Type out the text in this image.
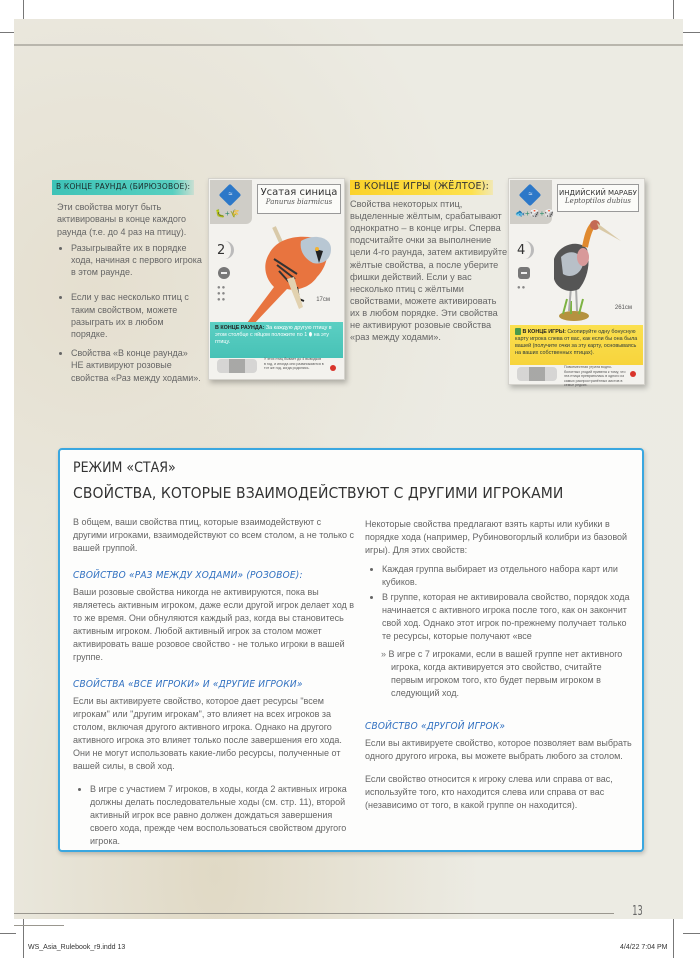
В КОНЦЕ РАУНДА (БИРЮЗОВОЕ):

Эти свойства могут быть активированы в конце каждого раунда (т.е. до 4 раз на птицу).

• Разыгрывайте их в порядке хода, начиная с первого игрока в этом раунде.
• Если у вас несколько птиц с таким свойством, можете разыграть их в любом порядке.
• Свойства «В конце раунда» НЕ активируют розовые свойства «Раз между ходами».
≈
🐛+🌾
Усатая синица
Panurus biarmicus
2
●●
●●
●●	17см
В КОНЦЕ РАУНДА: За каждую другую птицу в этом столбце с яйцом положите по 1 ⬮ на эту птицу.
У этих птиц бывает до 4 выводков в год, и иногда они размножаются в тот же год, когда родились.
В КОНЦЕ ИГРЫ (ЖЁЛТОЕ):

Свойства некоторых птиц, выделенные жёлтым, срабатывают однократно – в конце игры. Сперва подсчитайте очки за выполнение цели 4-го раунда, затем активируйте жёлтые свойства, а после уберите фишки действий. Если у вас несколько птиц с жёлтыми свойствами, можете активировать их в любом порядке. Эти свойства не активируют розовые свойства «раз между ходами».

≈
🐟+🎲+🎲
ИНДИЙСКИЙ МАРАБУ
Leptoptilos dubius
4
●●
261см
В КОНЦЕ ИГРЫ: Скопируйте одну бонусную карту игрока слева от вас, как если бы она была вашей (получите очки за эту карту, основываясь на ваших собственных птицах).
Повсеместная утрата водно-болотных угодий привела к тому, что эта птица превратилась в одного из самых распространённых аистов в семье редких.
РЕЖИМ «СТАЯ»
СВОЙСТВА, КОТОРЫЕ ВЗАИМОДЕЙСТВУЮТ С ДРУГИМИ ИГРОКАМИ

В общем, ваши свойства птиц, которые взаимодействуют с другими игроками, взаимодействуют со всем столом, а не только с вашей группой.

СВОЙСТВО «РАЗ МЕЖДУ ХОДАМИ» (РОЗОВОЕ):

Ваши розовые свойства никогда не активируются, пока вы являетесь активным игроком, даже если другой игрок делает ход в то же время. Они обнуляются каждый раз, когда вы становитесь активным игроком. Любой активный игрок за столом может активировать ваше розовое свойство - не только игроки в вашей группе.

СВОЙСТВА «ВСЕ ИГРОКИ» И «ДРУГИЕ ИГРОКИ»

Если вы активируете свойство, которое дает ресурсы "всем игрокам" или "другим игрокам", это влияет на всех игроков за столом, включая другого активного игрока. Однако на другого активного игрока это влияет только после завершения его хода. Они не могут использовать какие-либо ресурсы, полученные от вашей силы, в свой ход.

• В игре с участием 7 игроков, в ходы, когда 2 активных игрока должны делать последовательные ходы (см. стр. 11), второй активный игрок все равно должен дождаться завершения своего хода, прежде чем воспользоваться свойством другого игрока.

Некоторые свойства предлагают взять карты или кубики в порядке хода (например, Рубиновогорлый колибри из базовой игры). Для этих свойств:

• Каждая группа выбирает из отдельного набора карт или кубиков.
• В группе, которая не активировала свойство, порядок хода начинается с активного игрока после того, как он закончит свой ход. Однако этот игрок по-прежнему получает только те ресурсы, которые получают «все
» В игре с 7 игроками, если в вашей группе нет активного игрока, когда активируется это свойство, считайте первым игроком того, кто будет первым игроком в следующий ход.
СВОЙСТВО «ДРУГОЙ ИГРОК»

Если вы активируете свойство, которое позволяет вам выбрать одного другого игрока, вы можете выбрать любого за столом.

Если свойство относится к игроку слева или справа от вас, используйте того, кто находится слева или справа от вас (независимо от того, в какой группе он находится).

13
WS_Asia_Rulebook_r9.indd 13	4/4/22 7:04 PM
